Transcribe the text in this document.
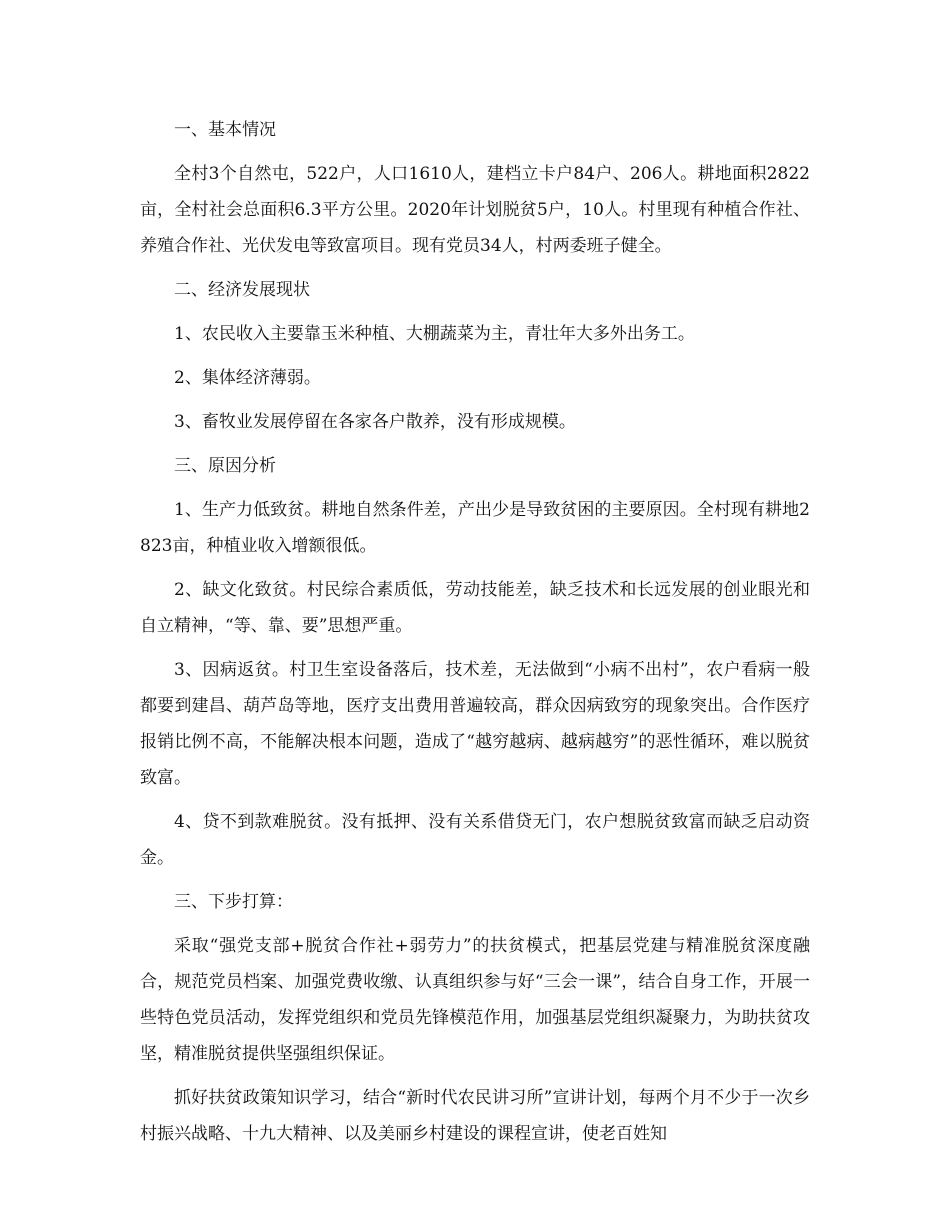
一、基本情况

全村3个自然屯，522户，人口1610人，建档立卡户84户、206人。耕地面积2822亩，全村社会总面积6.3平方公里。2020年计划脱贫5户，10人。村里现有种植合作社、养殖合作社、光伏发电等致富项目。现有党员34人，村两委班子健全。

二、经济发展现状

1、农民收入主要靠玉米种植、大棚蔬菜为主，青壮年大多外出务工。

2、集体经济薄弱。

3、畜牧业发展停留在各家各户散养，没有形成规模。

三、原因分析

1、生产力低致贫。耕地自然条件差，产出少是导致贫困的主要原因。全村现有耕地2823亩，种植业收入增额很低。

2、缺文化致贫。村民综合素质低，劳动技能差，缺乏技术和长远发展的创业眼光和自立精神，“等、靠、要”思想严重。

3、因病返贫。村卫生室设备落后，技术差，无法做到“小病不出村”，农户看病一般都要到建昌、葫芦岛等地，医疗支出费用普遍较高，群众因病致穷的现象突出。合作医疗报销比例不高，不能解决根本问题，造成了“越穷越病、越病越穷”的恶性循环，难以脱贫致富。

4、贷不到款难脱贫。没有抵押、没有关系借贷无门，农户想脱贫致富而缺乏启动资金。

三、下步打算：

采取“强党支部+脱贫合作社+弱劳力”的扶贫模式，把基层党建与精准脱贫深度融合，规范党员档案、加强党费收缴、认真组织参与好“三会一课”，结合自身工作，开展一些特色党员活动，发挥党组织和党员先锋模范作用，加强基层党组织凝聚力，为助扶贫攻坚，精准脱贫提供坚强组织保证。

抓好扶贫政策知识学习，结合“新时代农民讲习所”宣讲计划，每两个月不少于一次乡村振兴战略、十九大精神、以及美丽乡村建设的课程宣讲，使老百姓知
